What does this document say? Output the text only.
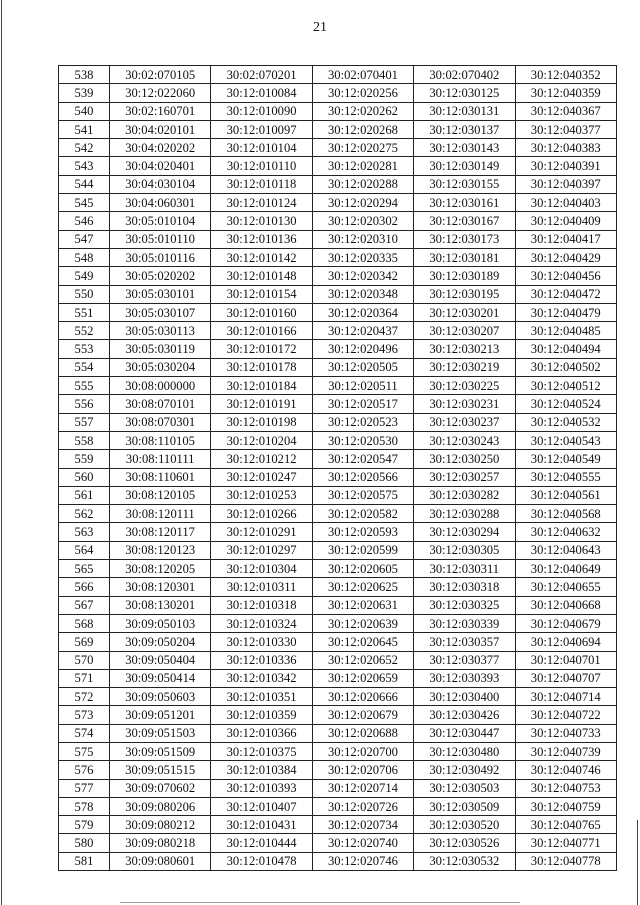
21
538	30:02:070105	30:02:070201	30:02:070401	30:02:070402	30:12:040352
539	30:12:022060	30:12:010084	30:12:020256	30:12:030125	30:12:040359
540	30:02:160701	30:12:010090	30:12:020262	30:12:030131	30:12:040367
541	30:04:020101	30:12:010097	30:12:020268	30:12:030137	30:12:040377
542	30:04:020202	30:12:010104	30:12:020275	30:12:030143	30:12:040383
543	30:04:020401	30:12:010110	30:12:020281	30:12:030149	30:12:040391
544	30:04:030104	30:12:010118	30:12:020288	30:12:030155	30:12:040397
545	30:04:060301	30:12:010124	30:12:020294	30:12:030161	30:12:040403
546	30:05:010104	30:12:010130	30:12:020302	30:12:030167	30:12:040409
547	30:05:010110	30:12:010136	30:12:020310	30:12:030173	30:12:040417
548	30:05:010116	30:12:010142	30:12:020335	30:12:030181	30:12:040429
549	30:05:020202	30:12:010148	30:12:020342	30:12:030189	30:12:040456
550	30:05:030101	30:12:010154	30:12:020348	30:12:030195	30:12:040472
551	30:05:030107	30:12:010160	30:12:020364	30:12:030201	30:12:040479
552	30:05:030113	30:12:010166	30:12:020437	30:12:030207	30:12:040485
553	30:05:030119	30:12:010172	30:12:020496	30:12:030213	30:12:040494
554	30:05:030204	30:12:010178	30:12:020505	30:12:030219	30:12:040502
555	30:08:000000	30:12:010184	30:12:020511	30:12:030225	30:12:040512
556	30:08:070101	30:12:010191	30:12:020517	30:12:030231	30:12:040524
557	30:08:070301	30:12:010198	30:12:020523	30:12:030237	30:12:040532
558	30:08:110105	30:12:010204	30:12:020530	30:12:030243	30:12:040543
559	30:08:110111	30:12:010212	30:12:020547	30:12:030250	30:12:040549
560	30:08:110601	30:12:010247	30:12:020566	30:12:030257	30:12:040555
561	30:08:120105	30:12:010253	30:12:020575	30:12:030282	30:12:040561
562	30:08:120111	30:12:010266	30:12:020582	30:12:030288	30:12:040568
563	30:08:120117	30:12:010291	30:12:020593	30:12:030294	30:12:040632
564	30:08:120123	30:12:010297	30:12:020599	30:12:030305	30:12:040643
565	30:08:120205	30:12:010304	30:12:020605	30:12:030311	30:12:040649
566	30:08:120301	30:12:010311	30:12:020625	30:12:030318	30:12:040655
567	30:08:130201	30:12:010318	30:12:020631	30:12:030325	30:12:040668
568	30:09:050103	30:12:010324	30:12:020639	30:12:030339	30:12:040679
569	30:09:050204	30:12:010330	30:12:020645	30:12:030357	30:12:040694
570	30:09:050404	30:12:010336	30:12:020652	30:12:030377	30:12:040701
571	30:09:050414	30:12:010342	30:12:020659	30:12:030393	30:12:040707
572	30:09:050603	30:12:010351	30:12:020666	30:12:030400	30:12:040714
573	30:09:051201	30:12:010359	30:12:020679	30:12:030426	30:12:040722
574	30:09:051503	30:12:010366	30:12:020688	30:12:030447	30:12:040733
575	30:09:051509	30:12:010375	30:12:020700	30:12:030480	30:12:040739
576	30:09:051515	30:12:010384	30:12:020706	30:12:030492	30:12:040746
577	30:09:070602	30:12:010393	30:12:020714	30:12:030503	30:12:040753
578	30:09:080206	30:12:010407	30:12:020726	30:12:030509	30:12:040759
579	30:09:080212	30:12:010431	30:12:020734	30:12:030520	30:12:040765
580	30:09:080218	30:12:010444	30:12:020740	30:12:030526	30:12:040771
581	30:09:080601	30:12:010478	30:12:020746	30:12:030532	30:12:040778
